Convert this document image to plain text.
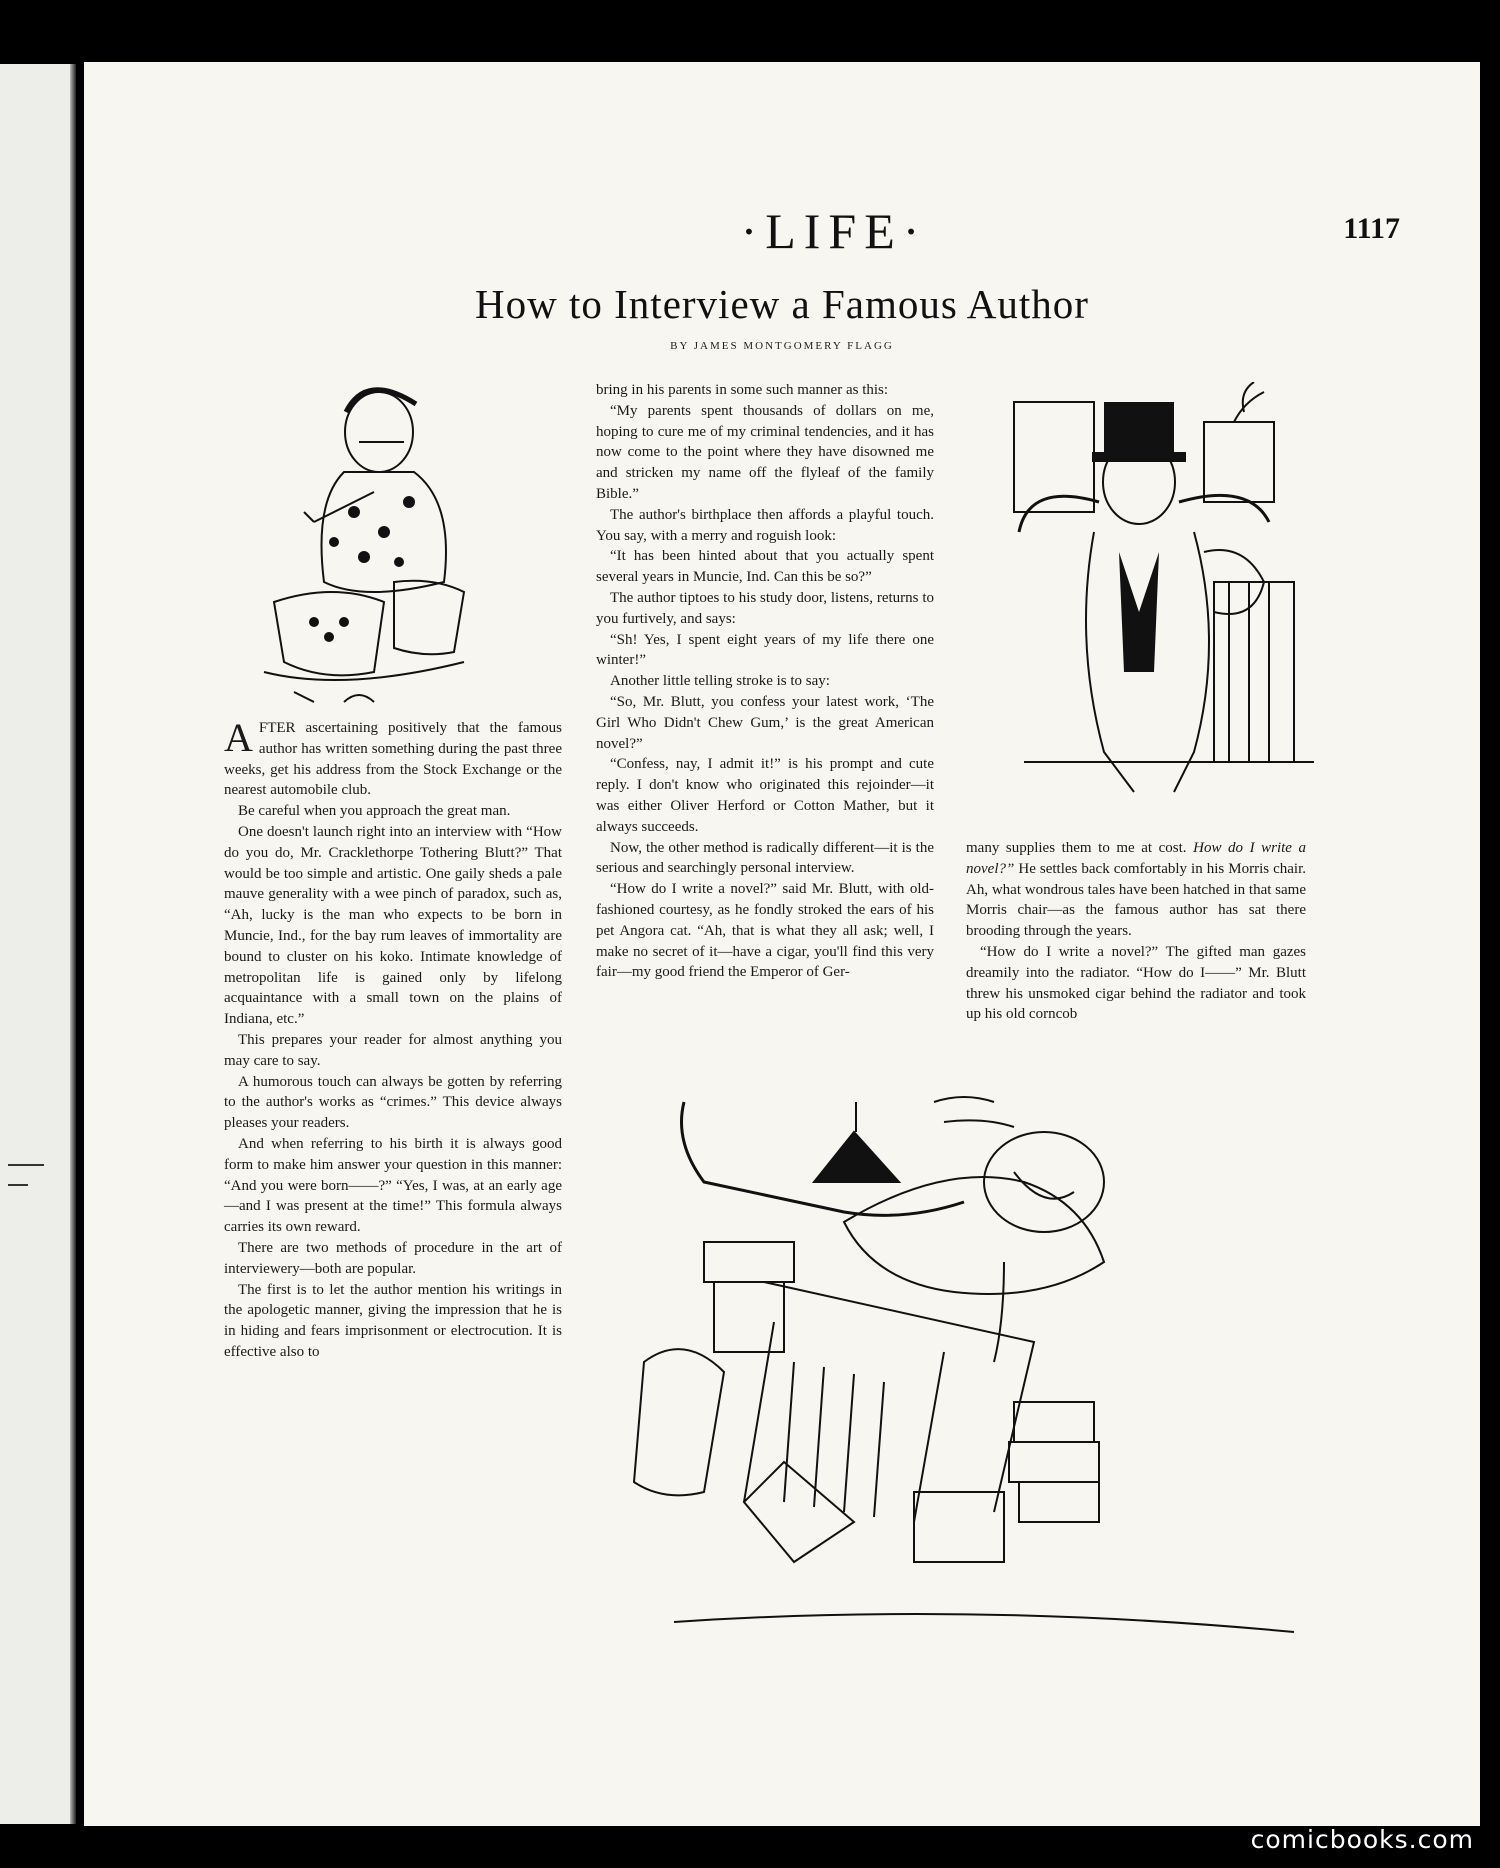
·LIFE·	1117
How to Interview a Famous Author
BY JAMES MONTGOMERY FLAGG

AFTER ascertaining positively that the famous author has written something during the past three weeks, get his address from the Stock Exchange or the nearest automobile club.

Be careful when you approach the great man.

One doesn't launch right into an interview with “How do you do, Mr. Cracklethorpe Tothering Blutt?” That would be too simple and artistic. One gaily sheds a pale mauve generality with a wee pinch of paradox, such as, “Ah, lucky is the man who expects to be born in Muncie, Ind., for the bay rum leaves of immortality are bound to cluster on his koko. Intimate knowledge of metropolitan life is gained only by lifelong acquaintance with a small town on the plains of Indiana, etc.”

This prepares your reader for almost anything you may care to say.

A humorous touch can always be gotten by referring to the author's works as “crimes.” This device always pleases your readers.

And when referring to his birth it is always good form to make him answer your question in this manner: “And you were born——?” “Yes, I was, at an early age—and I was present at the time!” This formula always carries its own reward.

There are two methods of procedure in the art of interviewery—both are popular.

The first is to let the author mention his writings in the apologetic manner, giving the impression that he is in hiding and fears imprisonment or electrocution. It is effective also to

bring in his parents in some such manner as this:

“My parents spent thousands of dollars on me, hoping to cure me of my criminal tendencies, and it has now come to the point where they have disowned me and stricken my name off the flyleaf of the family Bible.”

The author's birthplace then affords a playful touch. You say, with a merry and roguish look:

“It has been hinted about that you actually spent several years in Muncie, Ind. Can this be so?”

The author tiptoes to his study door, listens, returns to you furtively, and says:

“Sh! Yes, I spent eight years of my life there one winter!”

Another little telling stroke is to say:

“So, Mr. Blutt, you confess your latest work, ‘The Girl Who Didn't Chew Gum,’ is the great American novel?”

“Confess, nay, I admit it!” is his prompt and cute reply. I don't know who originated this rejoinder—it was either Oliver Herford or Cotton Mather, but it always succeeds.

Now, the other method is radically different—it is the serious and searchingly personal interview.

“How do I write a novel?” said Mr. Blutt, with old-fashioned courtesy, as he fondly stroked the ears of his pet Angora cat. “Ah, that is what they all ask; well, I make no secret of it—have a cigar, you'll find this very fair—my good friend the Emperor of Ger-

many supplies them to me at cost. How do I write a novel?” He settles back comfortably in his Morris chair. Ah, what wondrous tales have been hatched in that same Morris chair—as the famous author has sat there brooding through the years.

“How do I write a novel?” The gifted man gazes dreamily into the radiator. “How do I——” Mr. Blutt threw his unsmoked cigar behind the radiator and took up his old corncob

comicbooks.com
